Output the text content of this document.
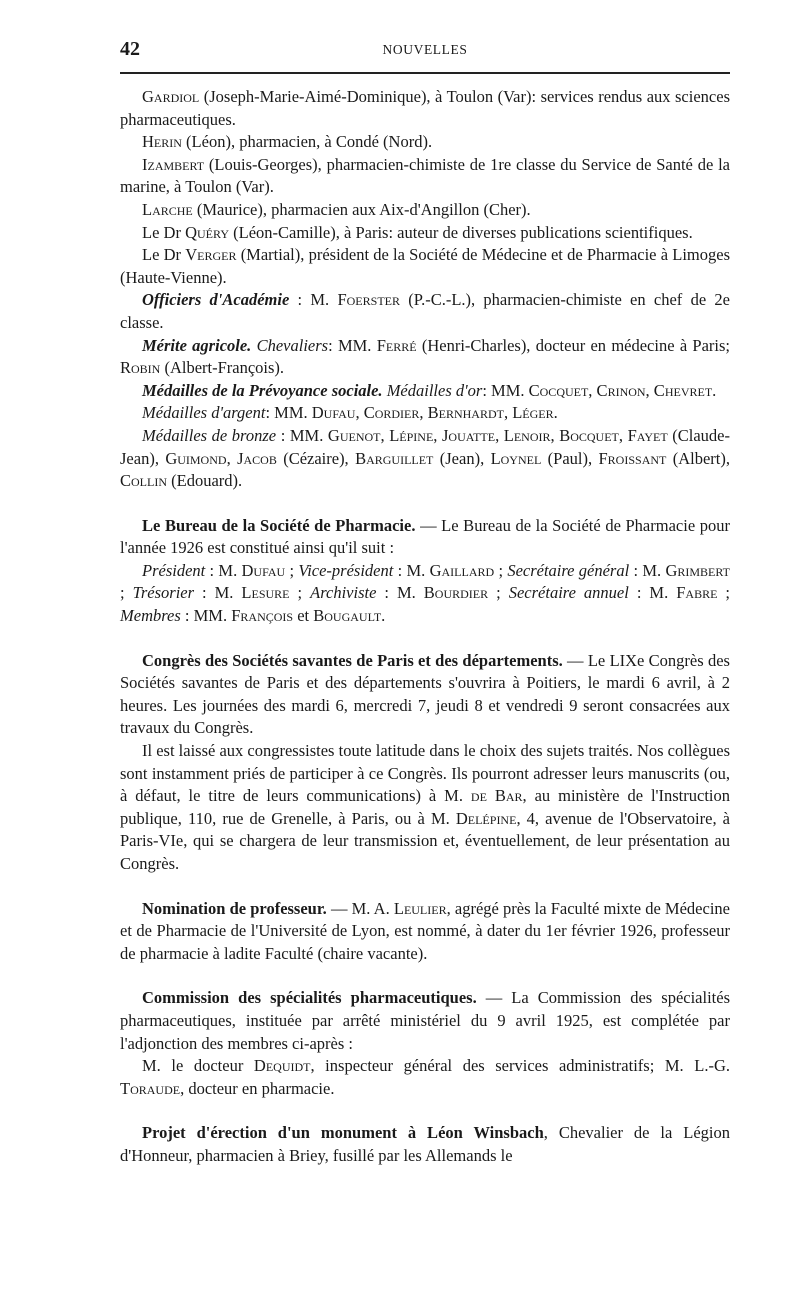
42	NOUVELLES

Gardiol (Joseph-Marie-Aimé-Dominique), à Toulon (Var): services rendus aux sciences pharmaceutiques.

Herin (Léon), pharmacien, à Condé (Nord).

Izambert (Louis-Georges), pharmacien-chimiste de 1re classe du Service de Santé de la marine, à Toulon (Var).

Larche (Maurice), pharmacien aux Aix-d'Angillon (Cher).

Le Dr Quéry (Léon-Camille), à Paris: auteur de diverses publications scientifiques.

Le Dr Verger (Martial), président de la Société de Médecine et de Pharmacie à Limoges (Haute-Vienne).

Officiers d'Académie : M. Foerster (P.-C.-L.), pharmacien-chimiste en chef de 2e classe.

Mérite agricole. Chevaliers: MM. Ferré (Henri-Charles), docteur en médecine à Paris; Robin (Albert-François).

Médailles de la Prévoyance sociale. Médailles d'or: MM. Cocquet, Crinon, Chevret.

Médailles d'argent: MM. Dufau, Cordier, Bernhardt, Léger.

Médailles de bronze : MM. Guenot, Lépine, Jouatte, Lenoir, Bocquet, Fayet (Claude-Jean), Guimond, Jacob (Cézaire), Barguillet (Jean), Loynel (Paul), Froissant (Albert), Collin (Edouard).

Le Bureau de la Société de Pharmacie. — Le Bureau de la Société de Pharmacie pour l'année 1926 est constitué ainsi qu'il suit :

Président : M. Dufau ; Vice-président : M. Gaillard ; Secrétaire général : M. Grimbert ; Trésorier : M. Lesure ; Archiviste : M. Bourdier ; Secrétaire annuel : M. Fabre ; Membres : MM. François et Bougault.

Congrès des Sociétés savantes de Paris et des départements. — Le LIXe Congrès des Sociétés savantes de Paris et des départements s'ouvrira à Poitiers, le mardi 6 avril, à 2 heures. Les journées des mardi 6, mercredi 7, jeudi 8 et vendredi 9 seront consacrées aux travaux du Congrès.

Il est laissé aux congressistes toute latitude dans le choix des sujets traités. Nos collègues sont instamment priés de participer à ce Congrès. Ils pourront adresser leurs manuscrits (ou, à défaut, le titre de leurs communications) à M. de Bar, au ministère de l'Instruction publique, 110, rue de Grenelle, à Paris, ou à M. Delépine, 4, avenue de l'Observatoire, à Paris-VIe, qui se chargera de leur transmission et, éventuellement, de leur présentation au Congrès.

Nomination de professeur. — M. A. Leulier, agrégé près la Faculté mixte de Médecine et de Pharmacie de l'Université de Lyon, est nommé, à dater du 1er février 1926, professeur de pharmacie à ladite Faculté (chaire vacante).

Commission des spécialités pharmaceutiques. — La Commission des spécialités pharmaceutiques, instituée par arrêté ministériel du 9 avril 1925, est complétée par l'adjonction des membres ci-après :

M. le docteur Dequidt, inspecteur général des services administratifs; M. L.-G. Toraude, docteur en pharmacie.

Projet d'érection d'un monument à Léon Winsbach, Chevalier de la Légion d'Honneur, pharmacien à Briey, fusillé par les Allemands le
